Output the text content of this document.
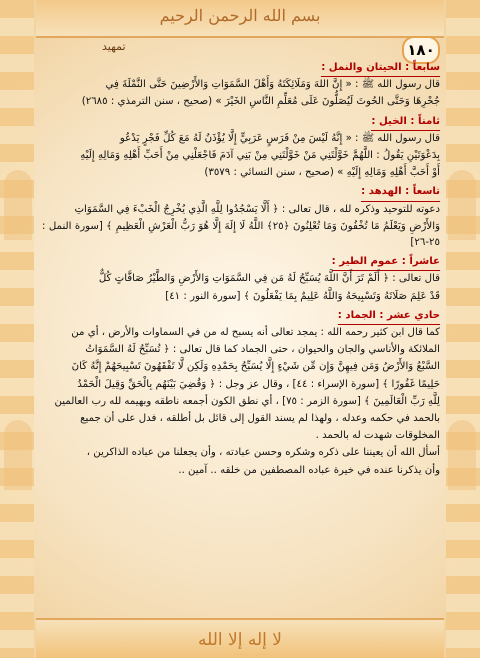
بسم الله الرحمن الرحيم
١٨٠
تمهيد
سابعاً : الحيتان والنمل :

قال رسول الله ﷺ : « إِنَّ اللهَ وَمَلَائِكَتَهُ وَأَهْلَ السَّمَوَاتِ وَالأَرْضِينَ حَتَّى النَّمْلَةَ فِي

جُحْرِهَا وَحَتَّى الحُوتَ لَيُصَلُّونَ عَلَى مُعَلِّمِ النَّاسِ الخَيْرَ » (صحيح ، سنن الترمذي : ٢٦٨٥)

ثامناً : الخيل :

قال رسول الله ﷺ : « إِنَّهُ لَيْسَ مِنْ فَرَسٍ عَرَبِيٍّ إِلَّا يُؤْذَنُ لَهُ مَعَ كُلِّ فَجْرٍ يَدْعُو

بِدَعْوَتَيْنِ يَقُولُ : اللَّهُمَّ خَوَّلْتَنِي مَنْ خَوَّلْتَنِي مِنْ بَنِي آدَمَ فَاجْعَلْنِي مِنْ أَحَبِّ أَهْلِهِ وَمَالِهِ إِلَيْهِ

أَوْ أَحَبَّ أَهْلِهِ وَمَالِهِ إِلَيْهِ » (صحيح ، سنن النسائي : ٣٥٧٩)

تاسعاً : الهدهد :

دعوته للتوحيد وذكره لله ، قال تعالى : ﴿ أَلَّا يَسْجُدُوا لِلَّهِ الَّذِي يُخْرِجُ الْخَبْءَ فِي السَّمَوَاتِ

وَالأَرْضِ وَيَعْلَمُ مَا تُخْفُونَ وَمَا تُعْلِنُونَ ﴿٢٥﴾ اللَّهُ لَا إِلَهَ إِلَّا هُوَ رَبُّ الْعَرْشِ الْعَظِيمِ ﴾ [سورة النمل : ٢٥-٢٦]

عاشراً : عموم الطير :

قال تعالى : ﴿ أَلَمْ تَرَ أَنَّ اللَّهَ يُسَبِّحُ لَهُ مَن فِي السَّمَوَاتِ وَالأَرْضِ وَالطَّيْرُ صَافَّاتٍ كُلٌّ

قَدْ عَلِمَ صَلَاتَهُ وَتَسْبِيحَهُ وَاللَّهُ عَلِيمٌ بِمَا يَفْعَلُونَ ﴾ [سورة النور : ٤١]

حادي عشر : الجماد :

كما قال ابن كثير رحمه الله : يمجد تعالى أنه يسبح له من في السماوات والأرض ، أي من

الملائكة والأناسي والجان والحيوان ، حتى الجماد كما قال تعالى : ﴿ تُسَبِّحُ لَهُ السَّمَوَاتُ

السَّبْعُ وَالأَرْضُ وَمَن فِيهِنَّ وَإِن مِّن شَيْءٍ إِلَّا يُسَبِّحُ بِحَمْدِهِ وَلَكِن لَّا تَفْقَهُونَ تَسْبِيحَهُمْ إِنَّهُ كَانَ

حَلِيمًا غَفُورًا ﴾ [سورة الإسراء : ٤٤] ، وقال عز وجل : ﴿ وَقُضِيَ بَيْنَهُم بِالْحَقِّ وَقِيلَ الْحَمْدُ

لِلَّهِ رَبِّ الْعَالَمِينَ ﴾ [سورة الزمر : ٧٥] ، أي نطق الكون أجمعه ناطقه وبهيمه لله رب العالمين

بالحمد في حكمه وعدله ، ولهذا لم يسند القول إلى قائل بل أطلقه ، فدل على أن جميع

المخلوقات شهدت له بالحمد .

أسأل الله أن يعيننا على ذكره وشكره وحسن عبادته ، وأن يجعلنا من عباده الذاكرين ،

وأن يذكرنا عنده في خيرة عباده المصطفين من خلقه .. آمين ..

لا إله إلا الله
